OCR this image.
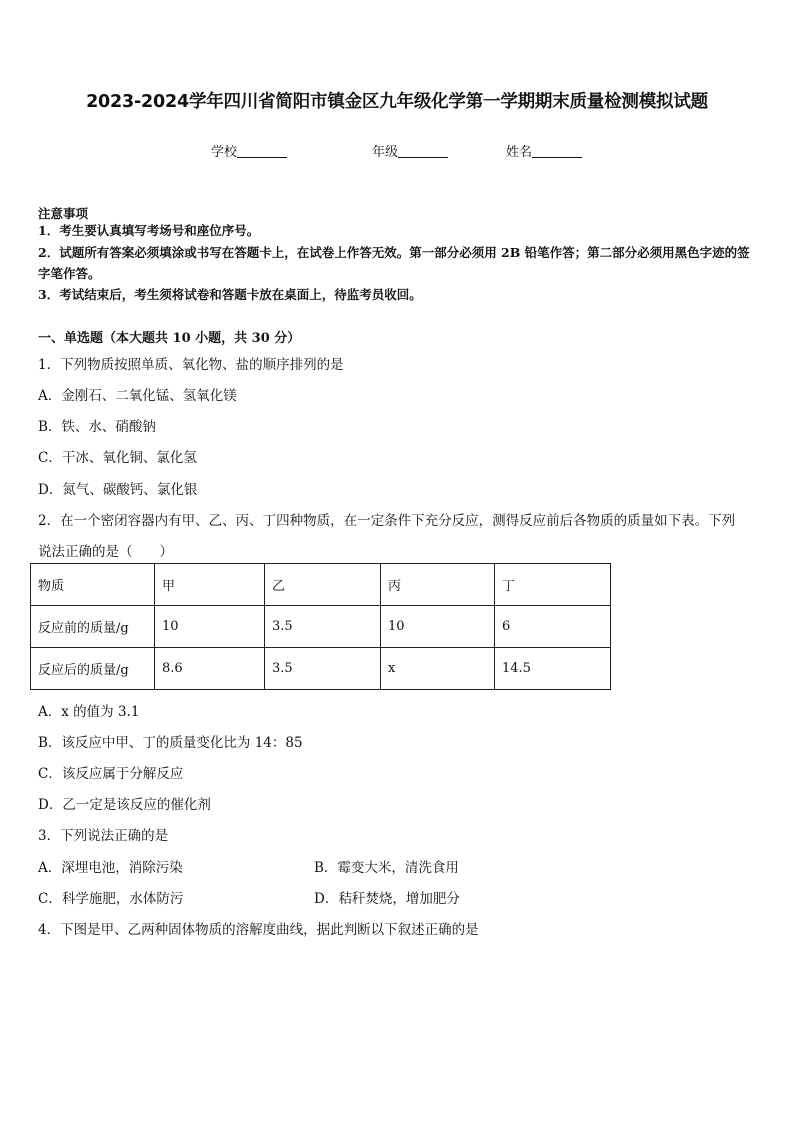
2023-2024学年四川省简阳市镇金区九年级化学第一学期期末质量检测模拟试题
学校	年级	姓名
注意事项
1．考生要认真填写考场号和座位序号。
2．试题所有答案必须填涂或书写在答题卡上，在试卷上作答无效。第一部分必须用 2B 铅笔作答；第二部分必须用黑色字迹的签字笔作答。
3．考试结束后，考生须将试卷和答题卡放在桌面上，待监考员收回。
一、单选题（本大题共 10 小题，共 30 分）
1．下列物质按照单质、氧化物、盐的顺序排列的是
A．金刚石、二氧化锰、氢氧化镁
B．铁、水、硝酸钠
C．干冰、氧化铜、氯化氢
D．氮气、碳酸钙、氯化银
2．在一个密闭容器内有甲、乙、丙、丁四种物质，在一定条件下充分反应，测得反应前后各物质的质量如下表。下列
说法正确的是（　　）
物质	甲	乙	丙	丁
反应前的质量/g	10	3.5	10	6
反应后的质量/g	8.6	3.5	x	14.5
A．x 的值为 3.1
B．该反应中甲、丁的质量变化比为 14：85
C．该反应属于分解反应
D．乙一定是该反应的催化剂
3．下列说法正确的是
A．深埋电池，消除污染	B．霉变大米，清洗食用
C．科学施肥，水体防污	D．秸秆焚烧，增加肥分
4．下图是甲、乙两种固体物质的溶解度曲线，据此判断以下叙述正确的是
